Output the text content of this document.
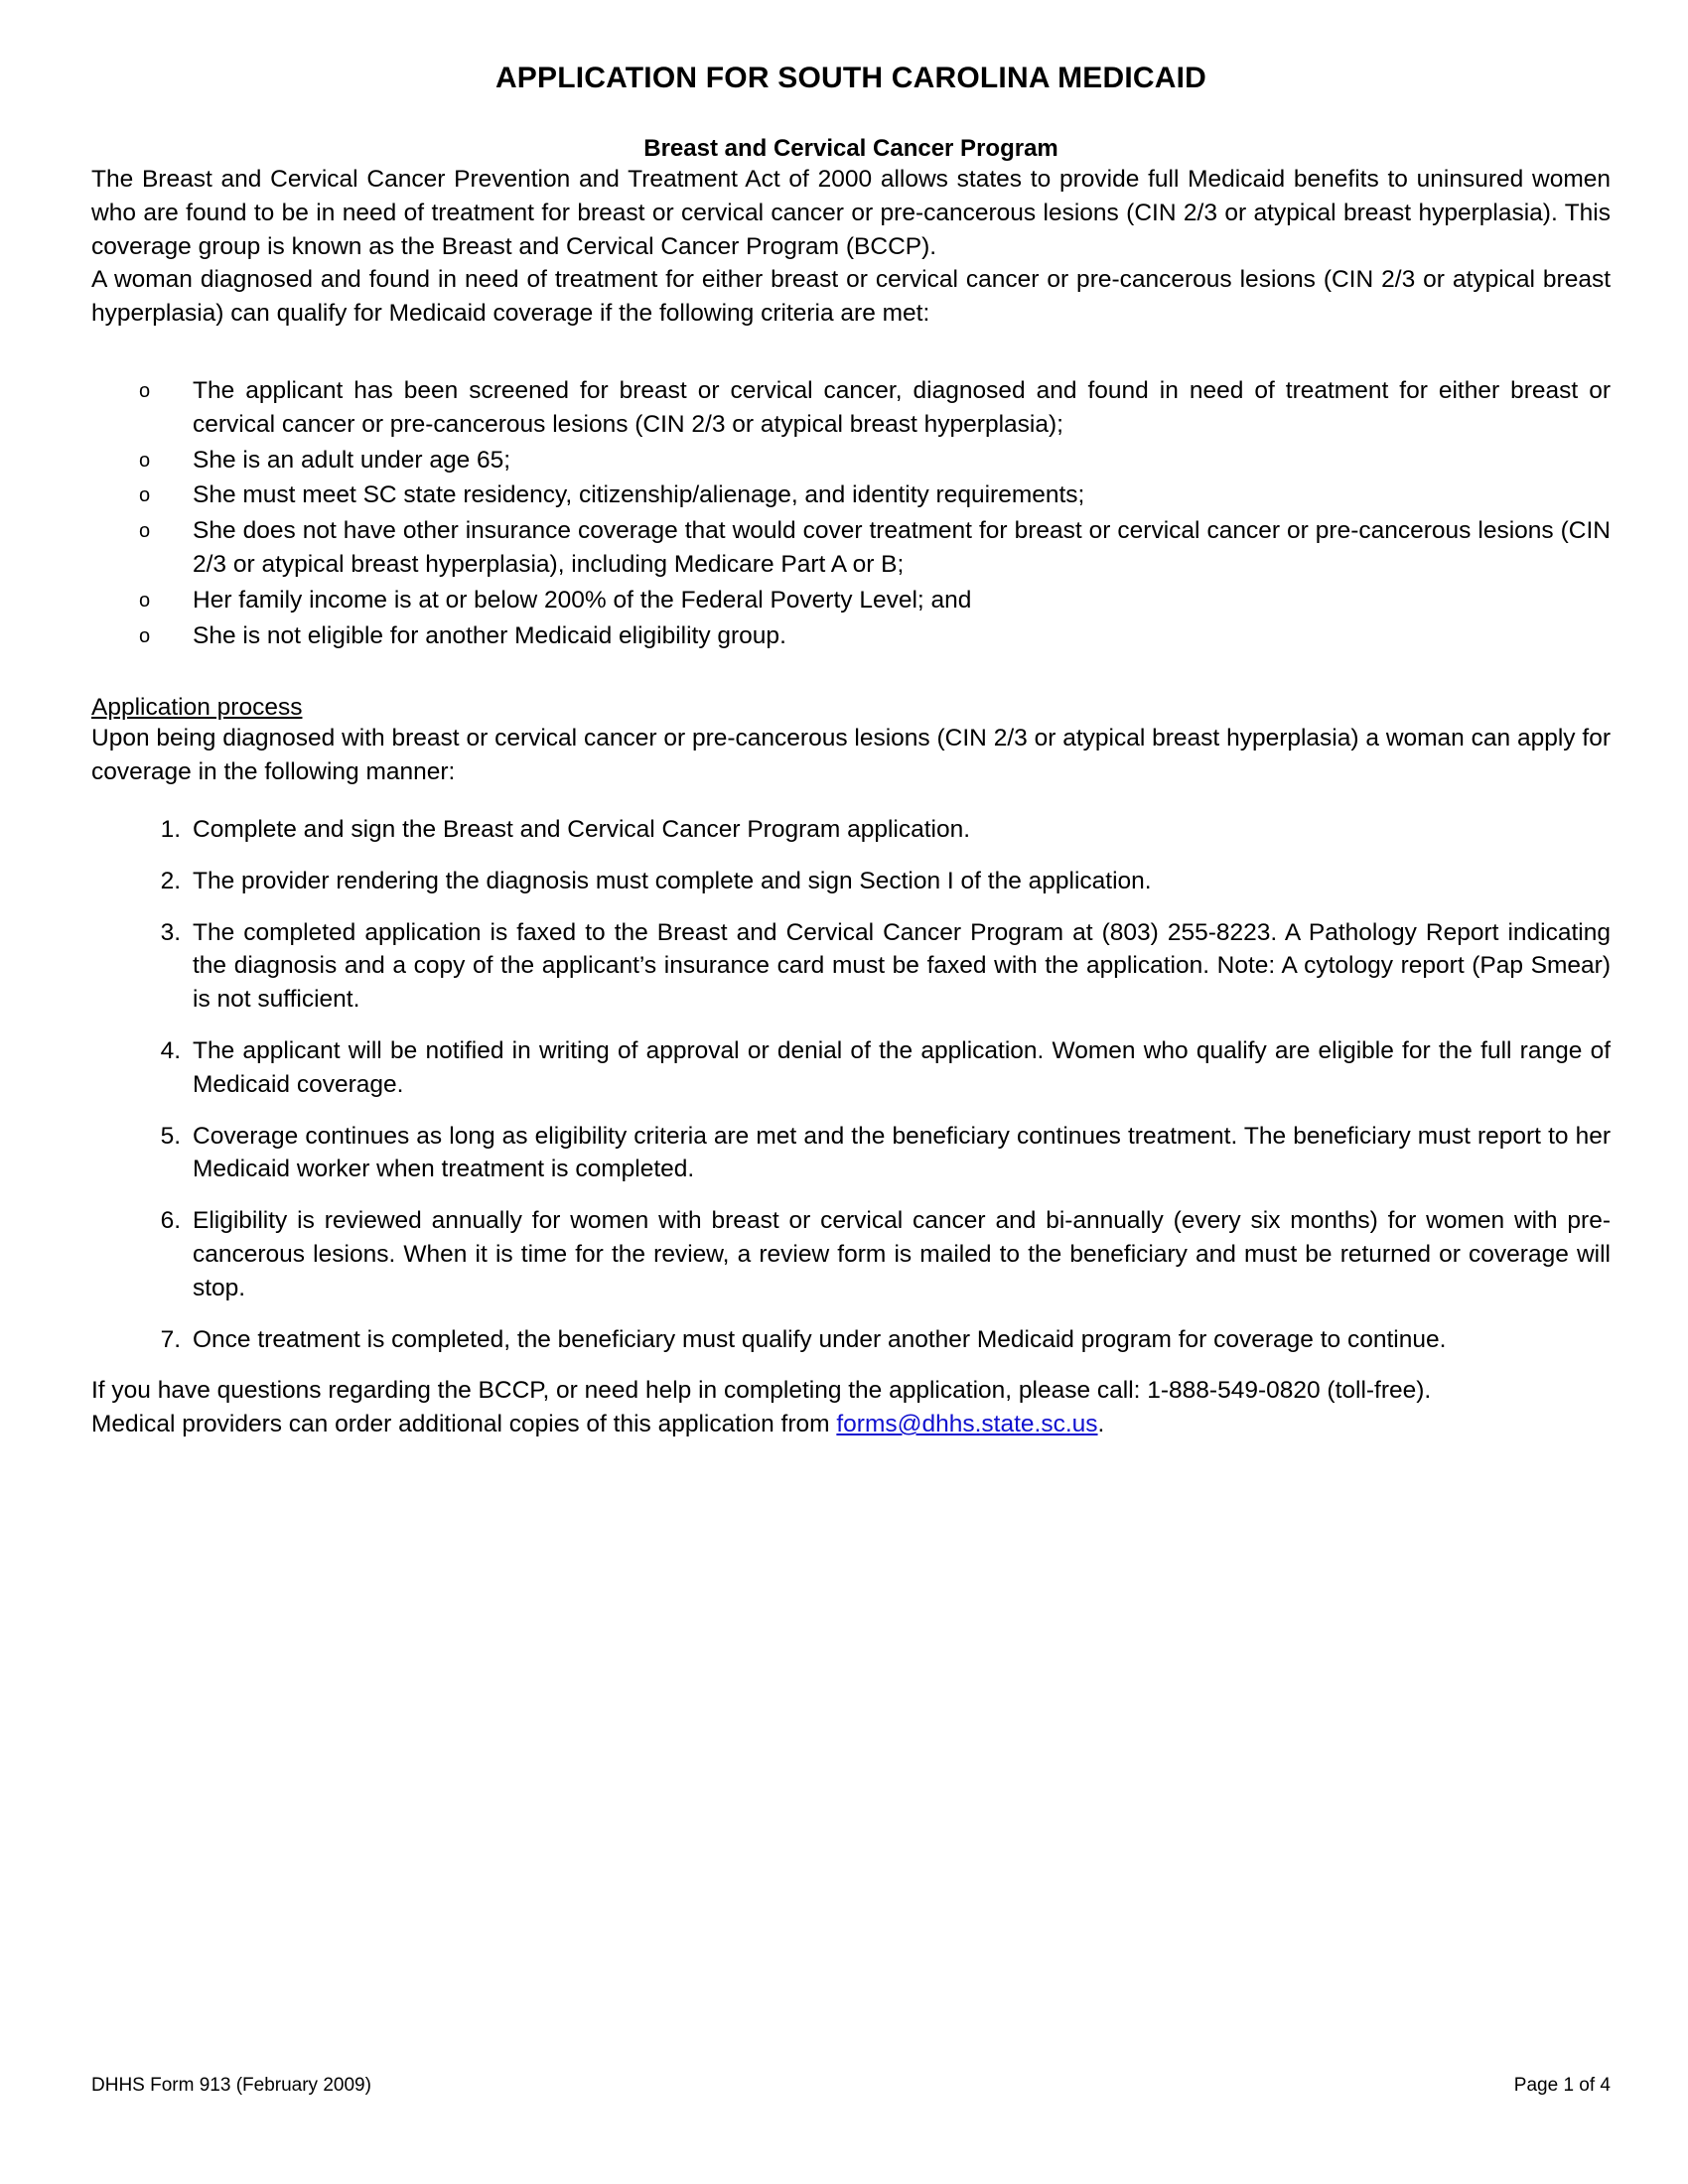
APPLICATION FOR SOUTH CAROLINA MEDICAID
Breast and Cervical Cancer Program

The Breast and Cervical Cancer Prevention and Treatment Act of 2000 allows states to provide full Medicaid benefits to uninsured women who are found to be in need of treatment for breast or cervical cancer or pre-cancerous lesions (CIN 2/3 or atypical breast hyperplasia). This coverage group is known as the Breast and Cervical Cancer Program (BCCP).

A woman diagnosed and found in need of treatment for either breast or cervical cancer or pre-cancerous lesions (CIN 2/3 or atypical breast hyperplasia) can qualify for Medicaid coverage if the following criteria are met:

o The applicant has been screened for breast or cervical cancer, diagnosed and found in need of treatment for either breast or cervical cancer or pre-cancerous lesions (CIN 2/3 or atypical breast hyperplasia);
o She is an adult under age 65;
o She must meet SC state residency, citizenship/alienage, and identity requirements;
o She does not have other insurance coverage that would cover treatment for breast or cervical cancer or pre-cancerous lesions (CIN 2/3 or atypical breast hyperplasia), including Medicare Part A or B;
o Her family income is at or below 200% of the Federal Poverty Level; and
o She is not eligible for another Medicaid eligibility group.

Application process

Upon being diagnosed with breast or cervical cancer or pre-cancerous lesions (CIN 2/3 or atypical breast hyperplasia) a woman can apply for coverage in the following manner:

1. Complete and sign the Breast and Cervical Cancer Program application.
2. The provider rendering the diagnosis must complete and sign Section I of the application.
3. The completed application is faxed to the Breast and Cervical Cancer Program at (803) 255-8223. A Pathology Report indicating the diagnosis and a copy of the applicant’s insurance card must be faxed with the application. Note: A cytology report (Pap Smear) is not sufficient.
4. The applicant will be notified in writing of approval or denial of the application. Women who qualify are eligible for the full range of Medicaid coverage.
5. Coverage continues as long as eligibility criteria are met and the beneficiary continues treatment. The beneficiary must report to her Medicaid worker when treatment is completed.
6. Eligibility is reviewed annually for women with breast or cervical cancer and bi-annually (every six months) for women with pre-cancerous lesions. When it is time for the review, a review form is mailed to the beneficiary and must be returned or coverage will stop.
7. Once treatment is completed, the beneficiary must qualify under another Medicaid program for coverage to continue.

If you have questions regarding the BCCP, or need help in completing the application, please call: 1-888-549-0820 (toll-free).

Medical providers can order additional copies of this application from forms@dhhs.state.sc.us.

DHHS Form 913 (February 2009)	Page 1 of 4
